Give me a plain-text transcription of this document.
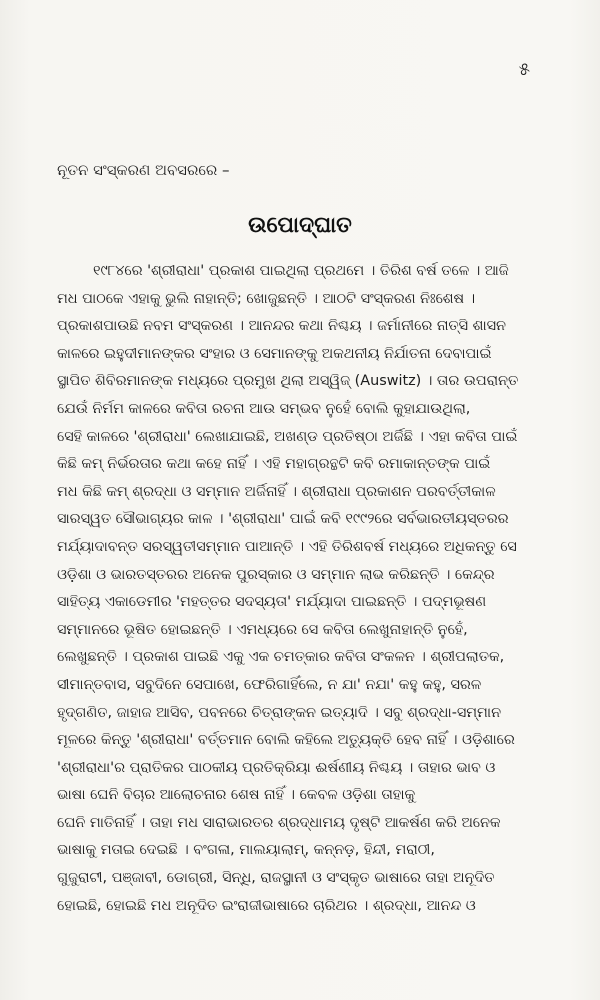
୫
ନୂତନ ସଂସ୍କରଣ ଅବସରରେ –
ଉପୋଦ୍‌ଘାତ
୧୯୮୪ରେ 'ଶ୍ରୀରାଧା' ପ୍ରକାଶ ପାଇଥିଲା ପ୍ରଥମେ । ତିରିଶ ବର୍ଷ ତଳେ । ଆଜି
ମଧ ପାଠକେ ଏହାକୁ ଭୁଲି ନାହାନ୍ତି; ଖୋଜୁଛନ୍ତି । ଆଠଟି ସଂସ୍କରଣ ନିଃଶେଷ ।
ପ୍ରକାଶପାଉଛି ନବମ ସଂସ୍କରଣ । ଆନନ୍ଦର କଥା ନିଶ୍ଚୟ । ଜର୍ମାନୀରେ ନାତ୍ସି ଶାସନ
କାଳରେ ଇହୁଦୀମାନଙ୍କର ସଂହାର ଓ ସେମାନଙ୍କୁ ଅକଥନୀୟ ନିର୍ଯାତନା ଦେବାପାଇଁ
ସ୍ଥାପିତ ଶିବିରମାନଙ୍କ ମଧ୍ୟରେ ପ୍ରମୁଖ ଥିଲା ଅସ୍ୱିଜ୍ (Auswitz) । ତାର ଉପରାନ୍ତ
ଯେଉଁ ନିର୍ମମ କାଳରେ କବିତା ରଚନା ଆଉ ସମ୍ଭବ ନୁହେଁ ବୋଲି କୁହାଯାଉଥିଲା,
ସେହି କାଳରେ 'ଶ୍ରୀରାଧା' ଲେଖାଯାଇଛି, ଅଖଣ୍ଡ ପ୍ରତିଷ୍ଠା ଅର୍ଜିଛି । ଏହା କବିତା ପାଇଁ
କିଛି କମ୍ ନିର୍ଭରତାର କଥା କହେ ନାହିଁ । ଏହି ମହାଗ୍ରନ୍ଥଟି କବି ରମାକାନ୍ତଙ୍କ ପାଇଁ
ମଧ କିଛି କମ୍ ଶ୍ରଦ୍ଧା ଓ ସମ୍ମାନ ଅର୍ଜିନାହିଁ । ଶ୍ରୀରାଧା ପ୍ରକାଶନ ପରବର୍ତ୍ତୀକାଳ
ସାରସ୍ୱତ ସୌଭାଗ୍ୟର କାଳ । 'ଶ୍ରୀରାଧା' ପାଇଁ କବି ୧୯୯୨ରେ ସର୍ବଭାରତୀୟସ୍ତରର
ମର୍ଯ୍ୟାଦାବନ୍ତ ସରସ୍ୱତୀସମ୍ମାନ ପାଆନ୍ତି । ଏହି ତିରିଶବର୍ଷ ମଧ୍ୟରେ ଅଧିକନ୍ତୁ ସେ
ଓଡ଼ିଶା ଓ ଭାରତସ୍ତରର ଅନେକ ପୁରସ୍କାର ଓ ସମ୍ମାନ ଲାଭ କରିଛନ୍ତି । କେନ୍ଦ୍ର
ସାହିତ୍ୟ ଏକାଡେମୀର 'ମହତ୍ତର ସଦସ୍ୟତା' ମର୍ଯ୍ୟାଦା ପାଇଛନ୍ତି । ପଦ୍ମଭୂଷଣ
ସମ୍ମାନରେ ଭୂଷିତ ହୋଇଛନ୍ତି । ଏମଧ୍ୟରେ ସେ କବିତା ଲେଖୁନାହାନ୍ତି ନୁହେଁ,
ଲେଖୁଛନ୍ତି । ପ୍ରକାଶ ପାଇଛି ଏକୁ ଏକ ଚମତ୍କାର କବିତା ସଂକଳନ । ଶ୍ରୀପଲାତକ,
ସୀମାନ୍ତବାସ, ସବୁଦିନେ ସେପାଖେ, ଫେରିଗାହିଁଲେ, ନ ଯା' ନଯା' କହୁ କହୁ, ସରଳ
ହୃଦ୍‌ଗଣିତ, ଜାହାଜ ଆସିବ, ପବନରେ ଚିତ୍ରାଙ୍କନ ଇତ୍ୟାଦି । ସବୁ ଶ୍ରଦ୍ଧା-ସମ୍ମାନ
ମୂଳରେ କିନ୍ତୁ 'ଶ୍ରୀରାଧା' ବର୍ତ୍ତମାନ ବୋଲି କହିଲେ ଅତ୍ୟୁକ୍ତି ହେବ ନାହିଁ । ଓଡ଼ିଶାରେ
'ଶ୍ରୀରାଧା'ର ପ୍ରାତିକର ପାଠକୀୟ ପ୍ରତିକ୍ରିୟା ଈର୍ଷଣୀୟ ନିଶ୍ଚୟ । ତାହାର ଭାବ ଓ
ଭାଷା ଘେନି ବିଚାର ଆଲୋଚନାର ଶେଷ ନାହିଁ । କେବଳ ଓଡ଼ିଶା ତାହାକୁ
ଘେନି ମାତିନାହିଁ । ତାହା ମଧ ସାରାଭାରତର ଶ୍ରଦ୍ଧାମୟ ଦୃଷ୍ଟି ଆକର୍ଷଣ କରି ଅନେକ
ଭାଷାକୁ ମତାଇ ଦେଇଛି । ବଂଗଳା, ମାଲୟାଲାମ୍, କନ୍ନଡ଼, ହିନ୍ଦୀ, ମରାଠୀ,
ଗୁଜୁରାଟୀ, ପଞ୍ଜାବୀ, ଡୋଗ୍ରୀ, ସିନ୍ଧି, ରାଜସ୍ଥାନୀ ଓ ସଂସ୍କୃତ ଭାଷାରେ ତାହା ଅନୂଦିତ
ହୋଇଛି, ହୋଇଛି ମଧ ଅନୂଦିତ ଇଂରାଜୀଭାଷାରେ ଚାରିଥର । ଶ୍ରଦ୍ଧା, ଆନନ୍ଦ ଓ
